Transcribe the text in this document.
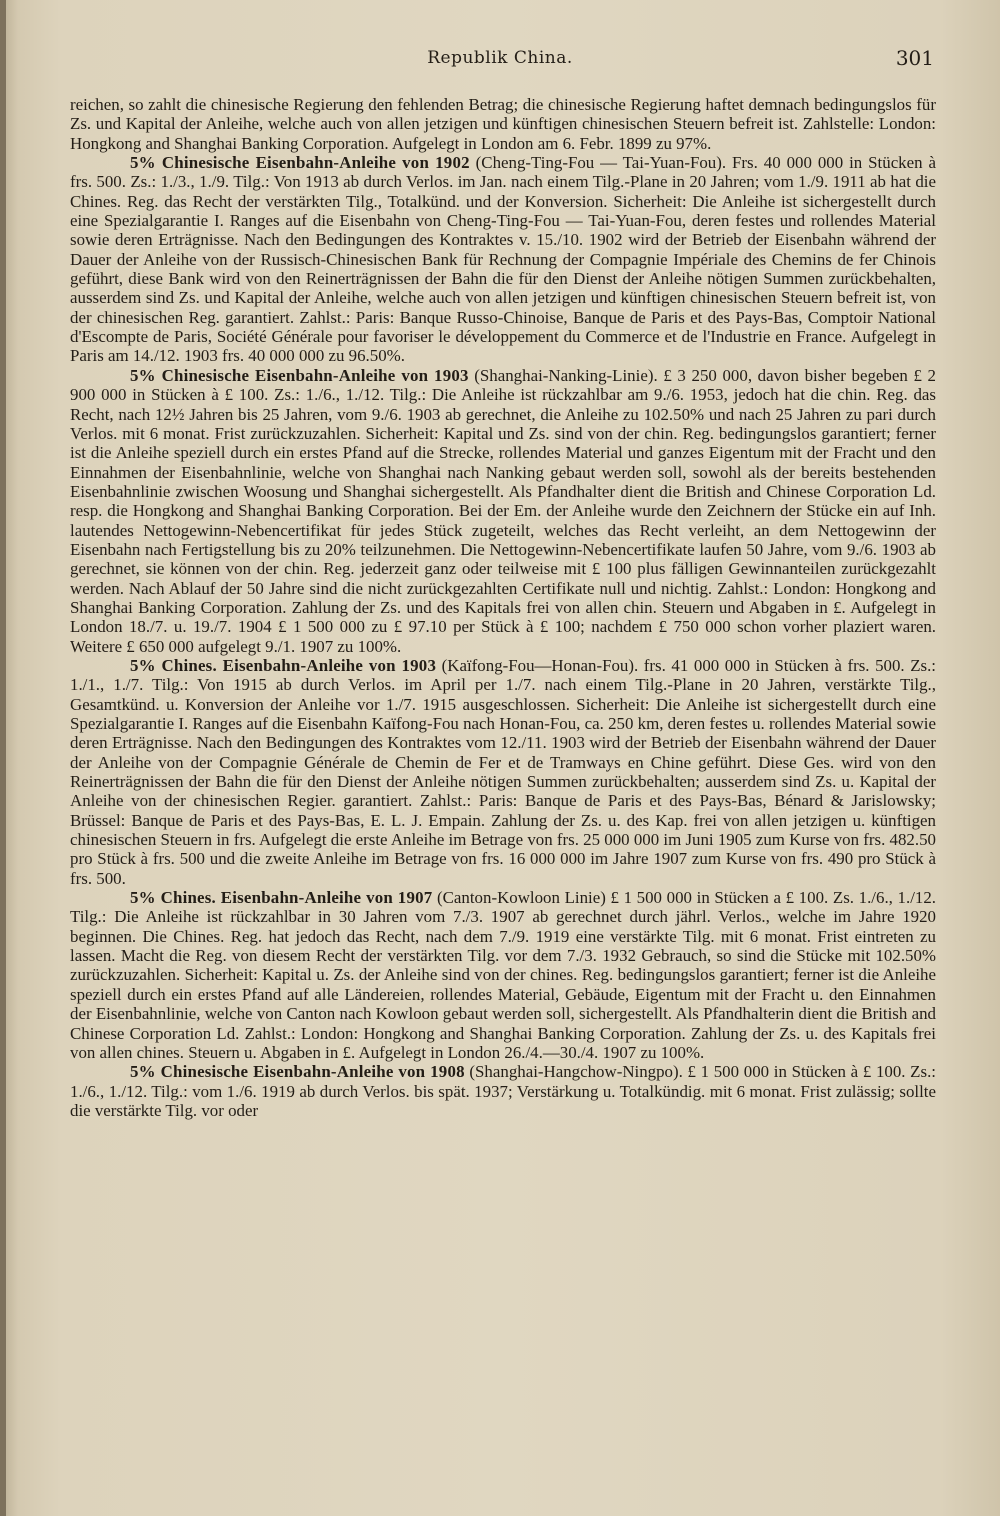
Republik China.	301

reichen, so zahlt die chinesische Regierung den fehlenden Betrag; die chinesische Regierung haftet demnach bedingungslos für Zs. und Kapital der Anleihe, welche auch von allen jetzigen und künftigen chinesischen Steuern befreit ist. Zahlstelle: London: Hongkong and Shanghai Banking Corporation. Aufgelegt in London am 6. Febr. 1899 zu 97%.

5% Chinesische Eisenbahn-Anleihe von 1902 (Cheng-Ting-Fou — Tai-Yuan-Fou). Frs. 40 000 000 in Stücken à frs. 500. Zs.: 1./3., 1./9. Tilg.: Von 1913 ab durch Verlos. im Jan. nach einem Tilg.-Plane in 20 Jahren; vom 1./9. 1911 ab hat die Chines. Reg. das Recht der verstärkten Tilg., Totalkünd. und der Konversion. Sicherheit: Die Anleihe ist sichergestellt durch eine Spezialgarantie I. Ranges auf die Eisenbahn von Cheng-Ting-Fou — Tai-Yuan-Fou, deren festes und rollendes Material sowie deren Erträgnisse. Nach den Bedingungen des Kontraktes v. 15./10. 1902 wird der Betrieb der Eisenbahn während der Dauer der Anleihe von der Russisch-Chinesischen Bank für Rechnung der Compagnie Impériale des Chemins de fer Chinois geführt, diese Bank wird von den Reinerträgnissen der Bahn die für den Dienst der Anleihe nötigen Summen zurückbehalten, ausserdem sind Zs. und Kapital der Anleihe, welche auch von allen jetzigen und künftigen chinesischen Steuern befreit ist, von der chinesischen Reg. garantiert. Zahlst.: Paris: Banque Russo-Chinoise, Banque de Paris et des Pays-Bas, Comptoir National d'Escompte de Paris, Société Générale pour favoriser le développement du Commerce et de l'Industrie en France. Aufgelegt in Paris am 14./12. 1903 frs. 40 000 000 zu 96.50%.

5% Chinesische Eisenbahn-Anleihe von 1903 (Shanghai-Nanking-Linie). £ 3 250 000, davon bisher begeben £ 2 900 000 in Stücken à £ 100. Zs.: 1./6., 1./12. Tilg.: Die Anleihe ist rückzahlbar am 9./6. 1953, jedoch hat die chin. Reg. das Recht, nach 12½ Jahren bis 25 Jahren, vom 9./6. 1903 ab gerechnet, die Anleihe zu 102.50% und nach 25 Jahren zu pari durch Verlos. mit 6 monat. Frist zurückzuzahlen. Sicherheit: Kapital und Zs. sind von der chin. Reg. bedingungslos garantiert; ferner ist die Anleihe speziell durch ein erstes Pfand auf die Strecke, rollendes Material und ganzes Eigentum mit der Fracht und den Einnahmen der Eisenbahnlinie, welche von Shanghai nach Nanking gebaut werden soll, sowohl als der bereits bestehenden Eisenbahnlinie zwischen Woosung und Shanghai sichergestellt. Als Pfandhalter dient die British and Chinese Corporation Ld. resp. die Hongkong and Shanghai Banking Corporation. Bei der Em. der Anleihe wurde den Zeichnern der Stücke ein auf Inh. lautendes Nettogewinn-Nebencertifikat für jedes Stück zugeteilt, welches das Recht verleiht, an dem Nettogewinn der Eisenbahn nach Fertigstellung bis zu 20% teilzunehmen. Die Nettogewinn-Nebencertifikate laufen 50 Jahre, vom 9./6. 1903 ab gerechnet, sie können von der chin. Reg. jederzeit ganz oder teilweise mit £ 100 plus fälligen Gewinnanteilen zurückgezahlt werden. Nach Ablauf der 50 Jahre sind die nicht zurückgezahlten Certifikate null und nichtig. Zahlst.: London: Hongkong and Shanghai Banking Corporation. Zahlung der Zs. und des Kapitals frei von allen chin. Steuern und Abgaben in £. Aufgelegt in London 18./7. u. 19./7. 1904 £ 1 500 000 zu £ 97.10 per Stück à £ 100; nachdem £ 750 000 schon vorher plaziert waren. Weitere £ 650 000 aufgelegt 9./1. 1907 zu 100%.

5% Chines. Eisenbahn-Anleihe von 1903 (Kaïfong-Fou—Honan-Fou). frs. 41 000 000 in Stücken à frs. 500. Zs.: 1./1., 1./7. Tilg.: Von 1915 ab durch Verlos. im April per 1./7. nach einem Tilg.-Plane in 20 Jahren, verstärkte Tilg., Gesamtkünd. u. Konversion der Anleihe vor 1./7. 1915 ausgeschlossen. Sicherheit: Die Anleihe ist sichergestellt durch eine Spezialgarantie I. Ranges auf die Eisenbahn Kaïfong-Fou nach Honan-Fou, ca. 250 km, deren festes u. rollendes Material sowie deren Erträgnisse. Nach den Bedingungen des Kontraktes vom 12./11. 1903 wird der Betrieb der Eisenbahn während der Dauer der Anleihe von der Compagnie Générale de Chemin de Fer et de Tramways en Chine geführt. Diese Ges. wird von den Reinerträgnissen der Bahn die für den Dienst der Anleihe nötigen Summen zurückbehalten; ausserdem sind Zs. u. Kapital der Anleihe von der chinesischen Regier. garantiert. Zahlst.: Paris: Banque de Paris et des Pays-Bas, Bénard & Jarislowsky; Brüssel: Banque de Paris et des Pays-Bas, E. L. J. Empain. Zahlung der Zs. u. des Kap. frei von allen jetzigen u. künftigen chinesischen Steuern in frs. Aufgelegt die erste Anleihe im Betrage von frs. 25 000 000 im Juni 1905 zum Kurse von frs. 482.50 pro Stück à frs. 500 und die zweite Anleihe im Betrage von frs. 16 000 000 im Jahre 1907 zum Kurse von frs. 490 pro Stück à frs. 500.

5% Chines. Eisenbahn-Anleihe von 1907 (Canton-Kowloon Linie) £ 1 500 000 in Stücken a £ 100. Zs. 1./6., 1./12. Tilg.: Die Anleihe ist rückzahlbar in 30 Jahren vom 7./3. 1907 ab gerechnet durch jährl. Verlos., welche im Jahre 1920 beginnen. Die Chines. Reg. hat jedoch das Recht, nach dem 7./9. 1919 eine verstärkte Tilg. mit 6 monat. Frist eintreten zu lassen. Macht die Reg. von diesem Recht der verstärkten Tilg. vor dem 7./3. 1932 Gebrauch, so sind die Stücke mit 102.50% zurückzuzahlen. Sicherheit: Kapital u. Zs. der Anleihe sind von der chines. Reg. bedingungslos garantiert; ferner ist die Anleihe speziell durch ein erstes Pfand auf alle Ländereien, rollendes Material, Gebäude, Eigentum mit der Fracht u. den Einnahmen der Eisenbahnlinie, welche von Canton nach Kowloon gebaut werden soll, sichergestellt. Als Pfandhalterin dient die British and Chinese Corporation Ld. Zahlst.: London: Hongkong and Shanghai Banking Corporation. Zahlung der Zs. u. des Kapitals frei von allen chines. Steuern u. Abgaben in £. Aufgelegt in London 26./4.—30./4. 1907 zu 100%.

5% Chinesische Eisenbahn-Anleihe von 1908 (Shanghai-Hangchow-Ningpo). £ 1 500 000 in Stücken à £ 100. Zs.: 1./6., 1./12. Tilg.: vom 1./6. 1919 ab durch Verlos. bis spät. 1937; Verstärkung u. Totalkündig. mit 6 monat. Frist zulässig; sollte die verstärkte Tilg. vor oder
